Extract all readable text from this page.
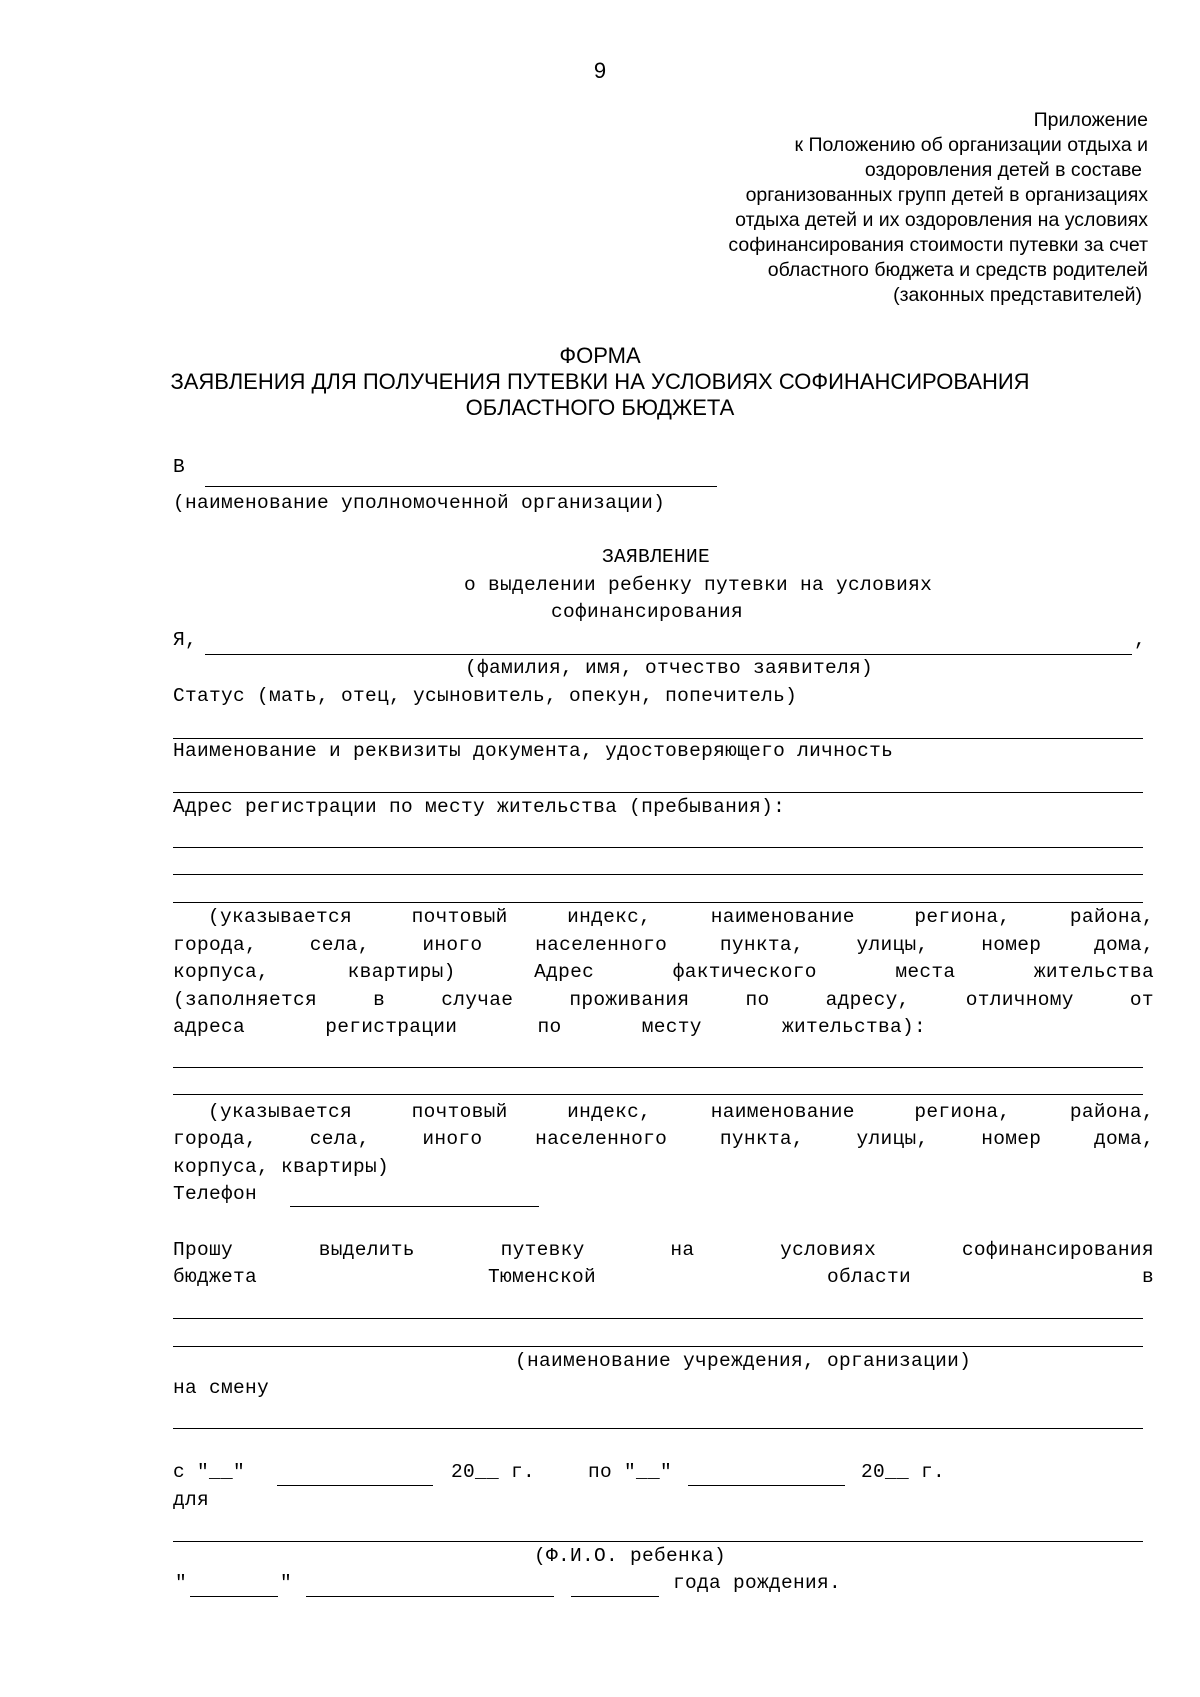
9
Приложение
к Положению об организации отдыха и
оздоровления детей в составе
организованных групп детей в организациях
отдыха детей и их оздоровления на условиях
софинансирования стоимости путевки за счет
областного бюджета и средств родителей
(законных представителей)
ФОРМА
ЗАЯВЛЕНИЯ ДЛЯ ПОЛУЧЕНИЯ ПУТЕВКИ НА УСЛОВИЯХ СОФИНАНСИРОВАНИЯ
ОБЛАСТНОГО БЮДЖЕТА
В
(наименование уполномоченной организации)
ЗАЯВЛЕНИЕ
о выделении ребенку путевки на условиях
софинансирования
Я,	,
(фамилия, имя, отчество заявителя)
Статус (мать, отец, усыновитель, опекун, попечитель)
Наименование и реквизиты документа, удостоверяющего личность
Адрес регистрации по месту жительства (пребывания):
(указывается	почтовый	индекс,	наименование	региона,	района,
города,	села,	иного	населенного	пункта,	улицы,	номер	дома,
корпуса,	квартиры)	Адрес	фактического	места	жительства
(заполняется	в	случае	проживания	по	адресу,	отличному	от
адреса	регистрации	по	месту	жительства):
(указывается	почтовый	индекс,	наименование	региона,	района,
города,	села,	иного	населенного	пункта,	улицы,	номер	дома,
корпуса, квартиры)
Телефон
Прошу	выделить	путевку	на	условиях	софинансирования
бюджета	Тюменской	области	в
(наименование учреждения, организации)
на смену
с "__"	20__ г.	по "__"	20__ г.
для
(Ф.И.О. ребенка)
"	"	года рождения.
